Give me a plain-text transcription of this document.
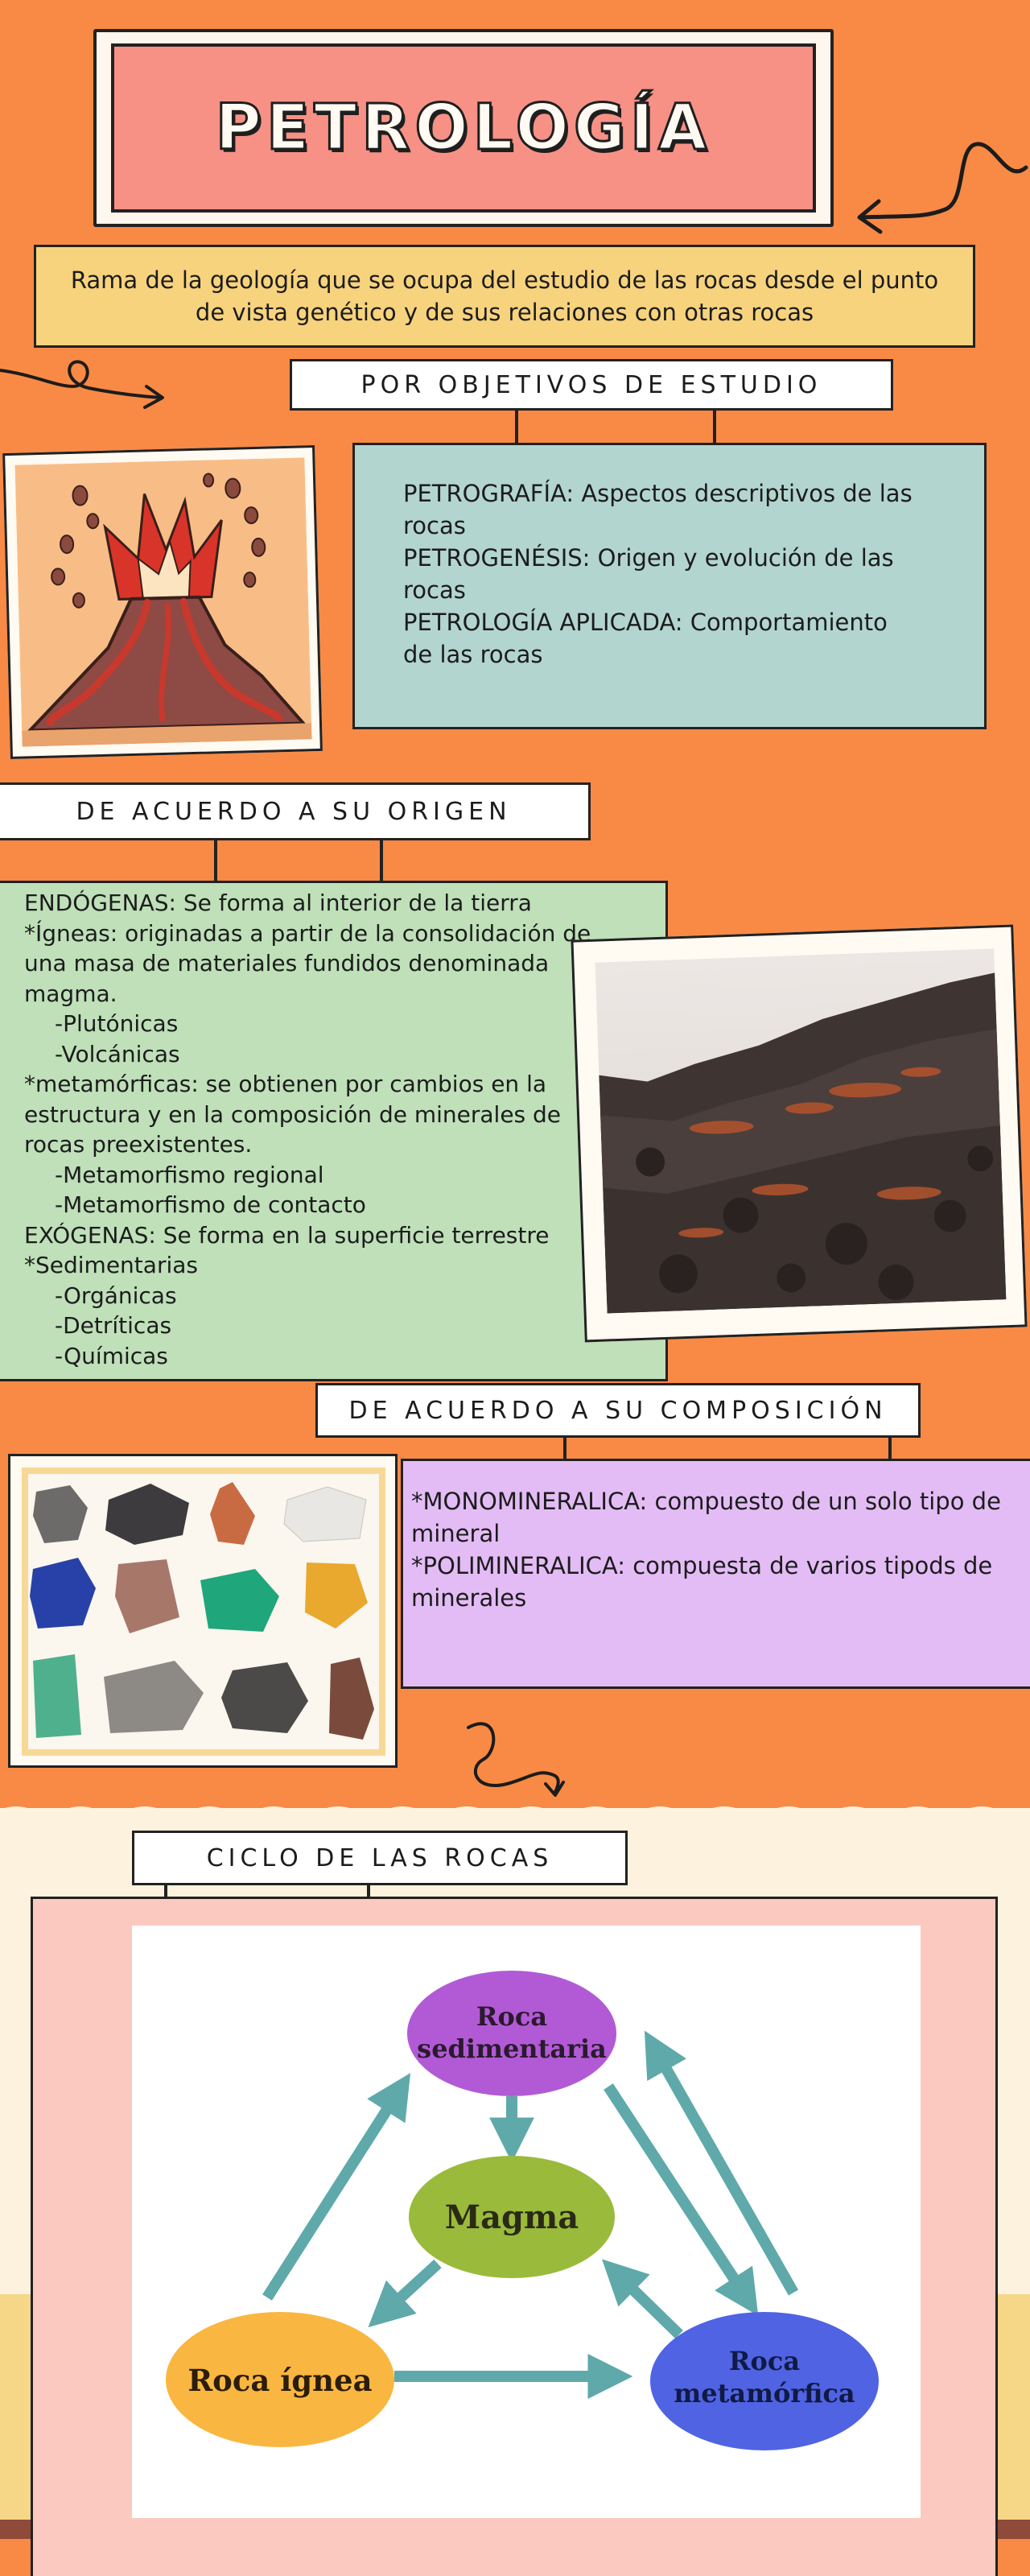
PETROLOGÍA
Rama de la geología que se ocupa del estudio de las rocas desde el punto de vista genético y de sus relaciones con otras rocas
POR OBJETIVOS DE ESTUDIO

PETROGRAFÍA: Aspectos descriptivos de las

rocas

PETROGENÉSIS: Origen y evolución de las

rocas

PETROLOGÍA APLICADA: Comportamiento

de las rocas

DE ACUERDO A SU ORIGEN

ENDÓGENAS: Se forma al interior de la tierra

*Ígneas: originadas a partir de la consolidación de

una masa de materiales fundidos denominada

magma.

-Plutónicas

-Volcánicas

*metamórficas: se obtienen por cambios en la

estructura y en la composición de minerales de

rocas preexistentes.

-Metamorfismo regional

-Metamorfismo de contacto

EXÓGENAS: Se forma en la superficie terrestre

*Sedimentarias

-Orgánicas

-Detríticas

-Químicas

DE ACUERDO A SU COMPOSICIÓN

*MONOMINERALICA: compuesto de un solo tipo de

mineral

*POLIMINERALICA: compuesta de varios tipods de

minerales

CICLO DE LAS ROCAS
Roca
sedimentaria
Magma
Roca ígnea
Roca
metamórfica
